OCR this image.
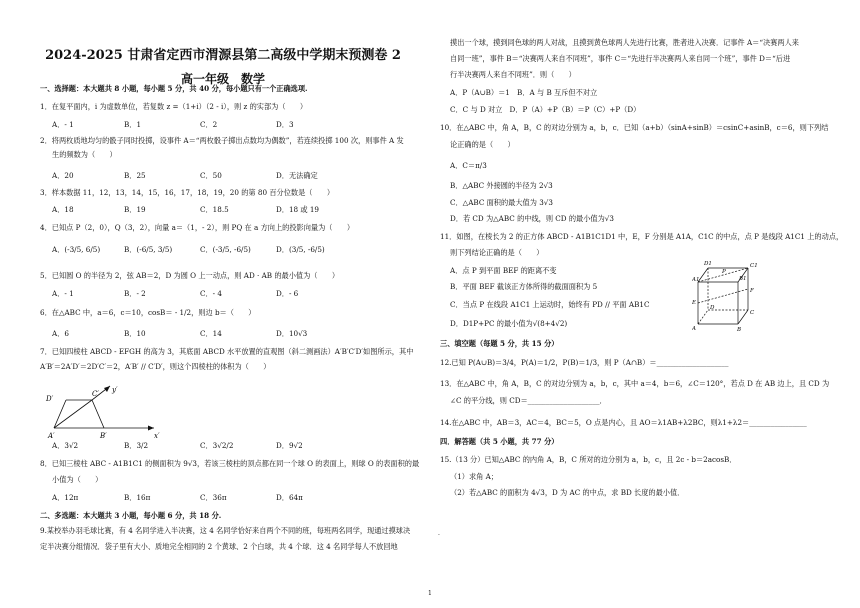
2024-2025 甘肃省定西市渭源县第二高级中学期末预测卷 2
高一年级　数学
一、选择题：本大题共 8 小题，每小题 5 分，共 40 分，每小题只有一个正确选项.
1．在复平面内，i 为虚数单位，若复数 z =（1+i）（2 - i），则 z 的实部为（　　）
A．- 1	B．1	C．2	D．3
2．将两枚质地均匀的骰子同时投掷，设事件 A＝“两枚骰子掷出点数均为偶数”，若连续投掷 100 次，则事件 A 发
生的频数为（　　）
A．20	B．25	C．50	D．无法确定
3．样本数据 11，12，13，14，15，16，17，18，19，20 的第 80 百分位数是（　　）
A．18	B．19	C．18.5	D．18 或 19
4．已知点 P（2，0），Q（3，2），向量 a＝（1，- 2），则 PQ 在 a 方向上的投影向量为（　　）
A．(-3/5, 6/5)	B．(-6/5, 3/5)	C．(-3/5, -6/5)	D．(3/5, -6/5)
5．已知圆 O 的半径为 2，弦 AB＝2，D 为圆 O 上一动点，则 AD · AB 的最小值为（　　）
A．- 1	B．- 2	C．- 4	D．- 6
6．在△ABC 中，a＝6，c＝10，cosB＝ - 1/2，则边 b＝（　　）
A．6	B．10	C．14	D．10√3
7．已知四棱柱 ABCD - EFGH 的高为 3，其底面 ABCD 水平放置的直观图（斜二测画法）A′B′C′D′如图所示，其中
A′B′＝2A′D′＝2D′C′＝2，A′B′ // C′D′，则这个四棱柱的体积为（　　）
A．3√2	B．3/2	C．3√2/2	D．9√2
8．已知三棱柱 ABC - A1B1C1 的侧面积为 9√3，若该三棱柱的顶点都在同一个球 O 的表面上，则球 O 的表面积的最
小值为（　　）
A．12π	B．16π	C．36π	D．64π
二、多选题：本大题共 3 小题，每小题 6 分，共 18 分.
9.某校举办羽毛球比赛，有 4 名同学进入半决赛，这 4 名同学恰好来自两个不同的班，每班两名同学，现通过摸球决
定半决赛分组情况．袋子里有大小、质地完全相同的 2 个黄球、2 个白球，共 4 个球．这 4 名同学每人不放回地
摸出一个球，摸到同色球的两人对战，且摸到黄色球两人先进行比赛，胜者进入决赛．记事件 A＝“决赛两人来
自同一班”，事件 B＝“决赛两人来自不同班”，事件 C＝“先进行半决赛两人来自同一个班”，事件 D＝“后进
行半决赛两人来自不同班”．则（　　）
A．P（A∪B）＝1　B．A 与 B 互斥但不对立
C．C 与 D 对立　D．P（A）+P（B）＝P（C）+P（D）
10．在△ABC 中，角 A，B，C 的对边分别为 a，b，c．已知（a+b）（sinA+sinB）＝csinC+asinB，c＝6，则下列结
论正确的是（　　）
A．C＝π/3
B．△ABC 外接圆的半径为 2√3
C．△ABC 面积的最大值为 3√3
D．若 CD 为△ABC 的中线，则 CD 的最小值为√3
11．如图，在棱长为 2 的正方体 ABCD - A1B1C1D1 中，E，F 分别是 A1A，C1C 的中点，点 P 是线段 A1C1 上的动点，
则下列结论正确的是（　　）
A．点 P 到平面 BEF 的距离不变
B．平面 BEF 截该正方体所得的截面面积为 5
C．当点 P 在线段 A1C1 上运动时，始终有 PD // 平面 AB1C
D．D1P+PC 的最小值为√(8+4√2)
三、填空题（每题 5 分，共 15 分）
12.已知 P(A∪B)＝3/4，P(A)＝1/2，P(B)＝1/3，则 P（A∩B）＝____________________
13．在△ABC 中，角 A，B，C 的对边分别为 a，b，c，其中 a＝4，b＝6，∠C＝120°，若点 D 在 AB 边上，且 CD 为
∠C 的平分线，则 CD＝____________________．
14.在△ABC 中，AB＝3，AC＝4，BC＝5，O 点是内心，且 AO＝λ1AB+λ2BC，则λ1+λ2＝________________
四．解答题（共 5 小题，共 77 分）
15.（13 分）已知△ABC 的内角 A，B，C 所对的边分别为 a，b，c，且 2c - b＝2acosB．
（1）求角 A；
（2）若△ABC 的面积为 4√3，D 为 AC 的中点，求 BD 长度的最小值．
D′
C′
A′	B′	x′
y′
D1	C1
A1	B1
E
F
D
C
A	B
P
1
.
